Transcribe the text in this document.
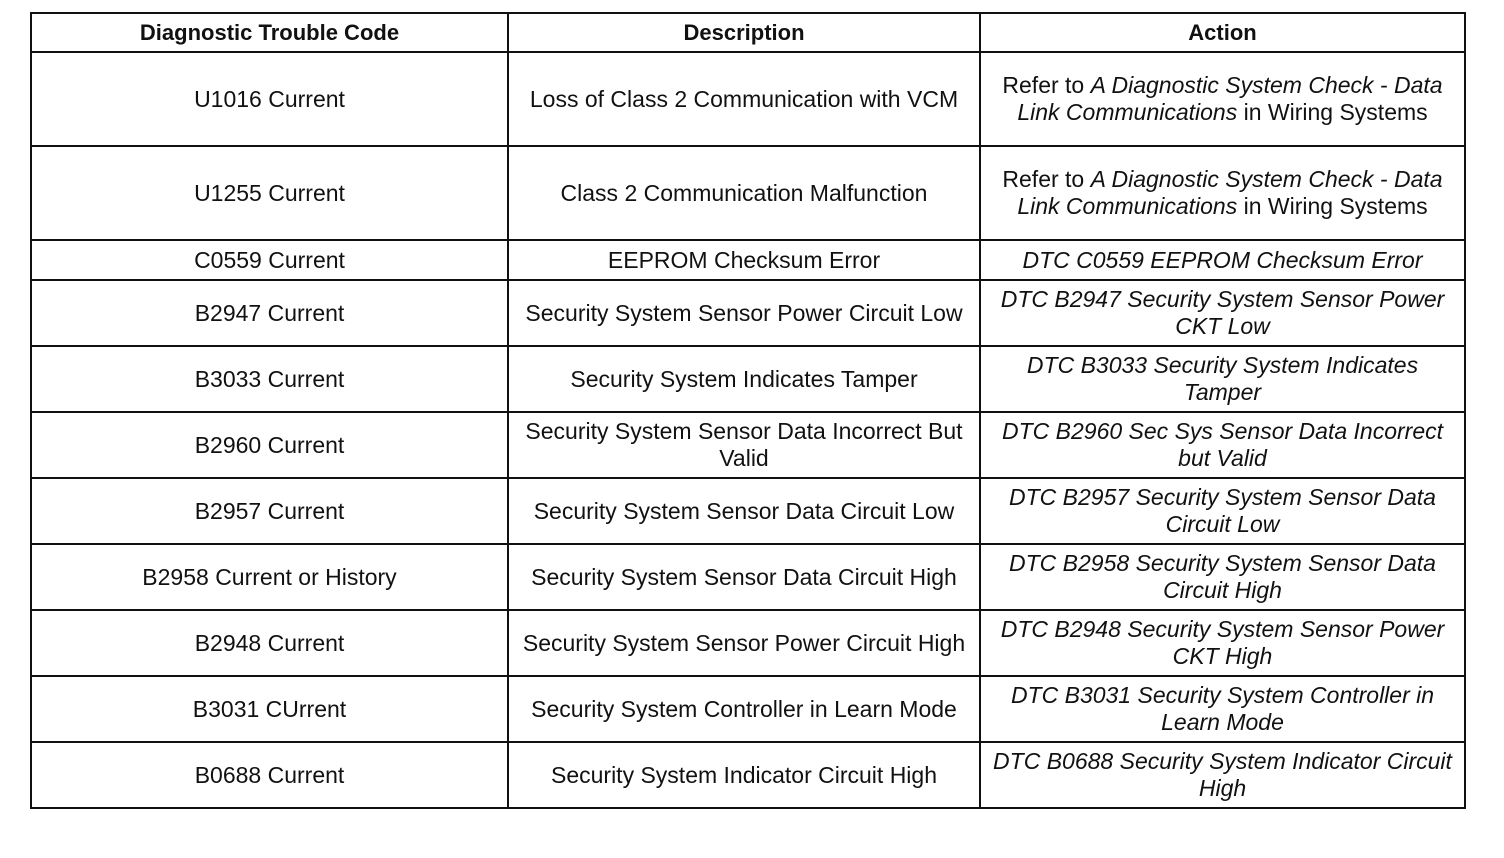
Diagnostic Trouble Code	Description	Action
U1016 Current	Loss of Class 2 Communication with VCM	Refer to A Diagnostic System Check - Data Link Communications in Wiring Systems
U1255 Current	Class 2 Communication Malfunction	Refer to A Diagnostic System Check - Data Link Communications in Wiring Systems
C0559 Current	EEPROM Checksum Error	DTC C0559 EEPROM Checksum Error
B2947 Current	Security System Sensor Power Circuit Low	DTC B2947 Security System Sensor Power CKT Low
B3033 Current	Security System Indicates Tamper	DTC B3033 Security System Indicates Tamper
B2960 Current	Security System Sensor Data Incorrect But Valid	DTC B2960 Sec Sys Sensor Data Incorrect but Valid
B2957 Current	Security System Sensor Data Circuit Low	DTC B2957 Security System Sensor Data Circuit Low
B2958 Current or History	Security System Sensor Data Circuit High	DTC B2958 Security System Sensor Data Circuit High
B2948 Current	Security System Sensor Power Circuit High	DTC B2948 Security System Sensor Power CKT High
B3031 CUrrent	Security System Controller in Learn Mode	DTC B3031 Security System Controller in Learn Mode
B0688 Current	Security System Indicator Circuit High	DTC B0688 Security System Indicator Circuit High
